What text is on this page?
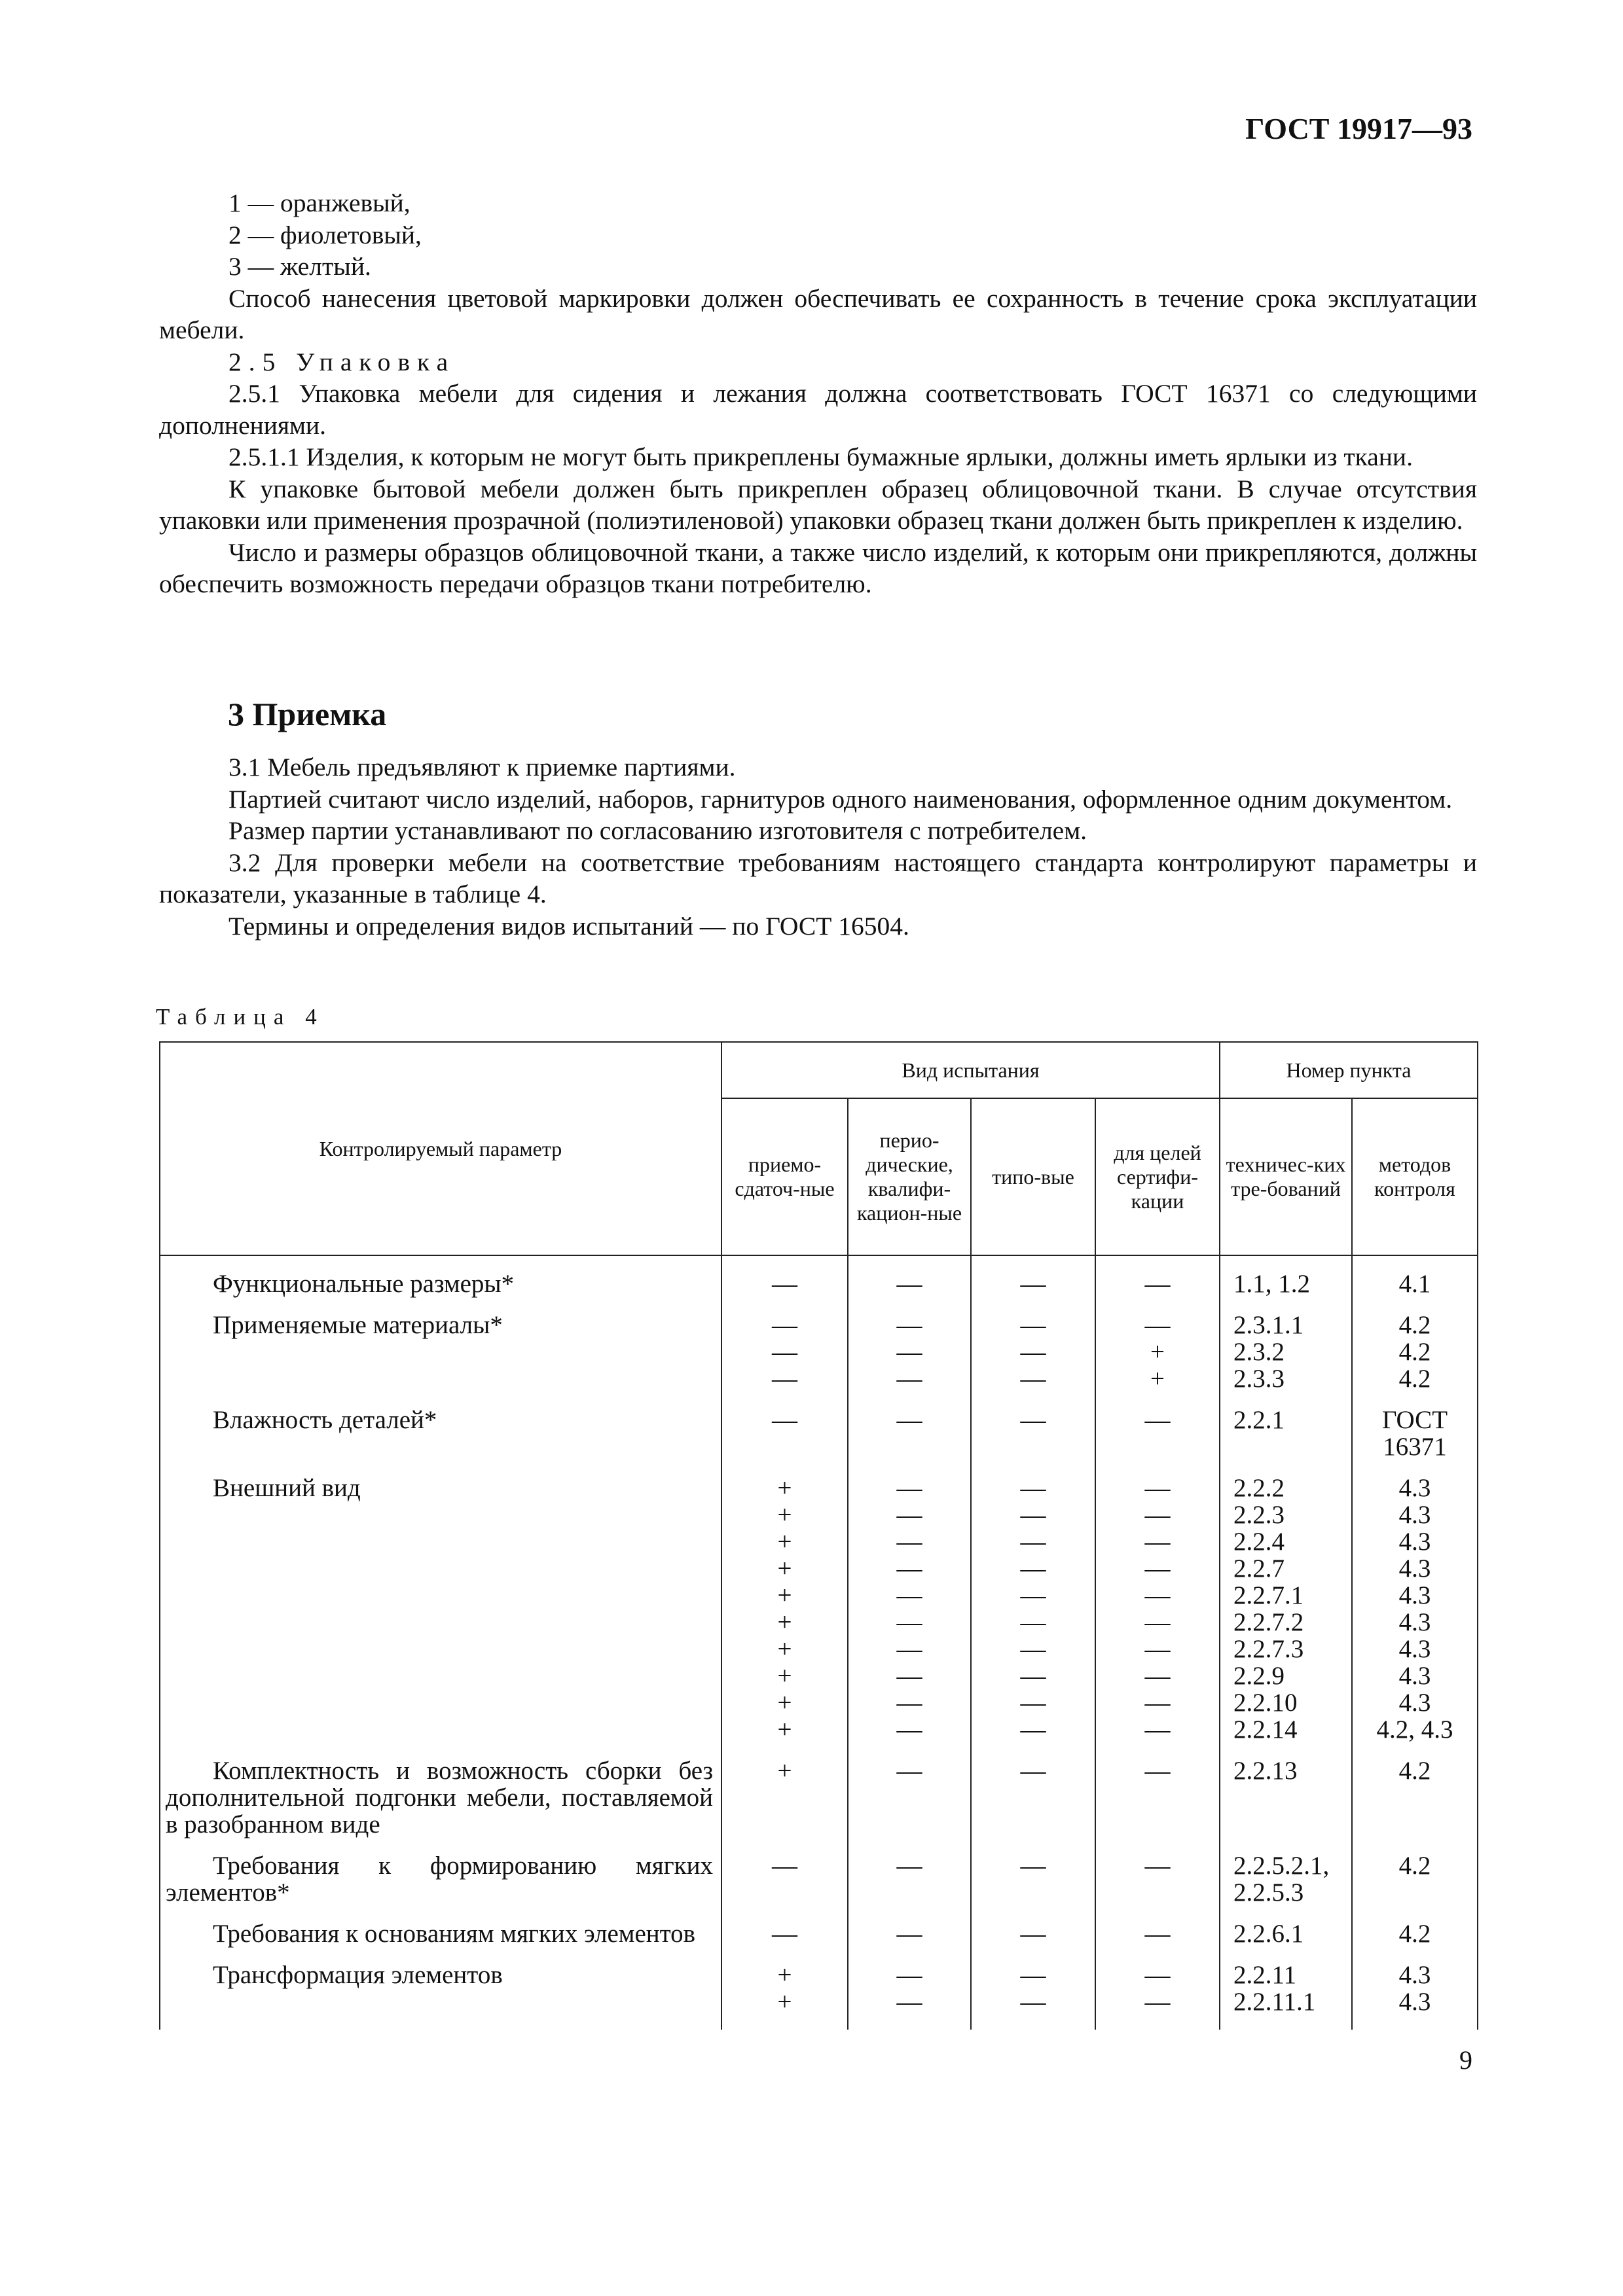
ГОСТ 19917—93

1 — оранжевый,

2 — фиолетовый,

3 — желтый.

Способ нанесения цветовой маркировки должен обеспечивать ее сохранность в течение срока эксплуатации мебели.

2.5 Упаковка

2.5.1 Упаковка мебели для сидения и лежания должна соответствовать ГОСТ 16371 со следующими дополнениями.

2.5.1.1 Изделия, к которым не могут быть прикреплены бумажные ярлыки, должны иметь ярлыки из ткани.

К упаковке бытовой мебели должен быть прикреплен образец облицовочной ткани. В случае отсутствия упаковки или применения прозрачной (полиэтиленовой) упаковки образец ткани должен быть прикреплен к изделию.

Число и размеры образцов облицовочной ткани, а также число изделий, к которым они прикрепляются, должны обеспечить возможность передачи образцов ткани потребителю.

3 Приемка

3.1 Мебель предъявляют к приемке партиями.

Партией считают число изделий, наборов, гарнитуров одного наименования, оформленное одним документом.

Размер партии устанавливают по согласованию изготовителя с потребителем.

3.2 Для проверки мебели на соответствие требованиям настоящего стандарта контролируют параметры и показатели, указанные в таблице 4.

Термины и определения видов испытаний — по ГОСТ 16504.

Таблица 4
Контролируемый параметр	Вид испытания				Номер пункта	
	приемо-сдаточ-ные	перио-дические, квалифи-кацион-ные	типо-вые	для целей сертифи-кации	техничес-ких тре-бований	методов контроля

Функциональные размеры*	—	—	—	—	1.1, 1.2	4.1

Применяемые материалы*	—	—	—	—	2.3.1.1	4.2
	—	—	—	+	2.3.2	4.2
	—	—	—	+	2.3.3	4.2

Влажность деталей*	—	—	—	—	2.2.1	ГОСТ 16371

Внешний вид	+	—	—	—	2.2.2	4.3
	+	—	—	—	2.2.3	4.3
	+	—	—	—	2.2.4	4.3
	+	—	—	—	2.2.7	4.3
	+	—	—	—	2.2.7.1	4.3
	+	—	—	—	2.2.7.2	4.3
	+	—	—	—	2.2.7.3	4.3
	+	—	—	—	2.2.9	4.3
	+	—	—	—	2.2.10	4.3
	+	—	—	—	2.2.14	4.2, 4.3

Комплектность и возможность сборки без дополнительной подгонки мебели, поставляемой в разобранном виде	+	—	—	—	2.2.13	4.2

Требования к формированию мягких элементов*	—	—	—	—	2.2.5.2.1, 2.2.5.3	4.2

Требования к основаниям мягких элементов	—	—	—	—	2.2.6.1	4.2

Трансформация элементов	+	—	—	—	2.2.11	4.3
	+	—	—	—	2.2.11.1	4.3

9
